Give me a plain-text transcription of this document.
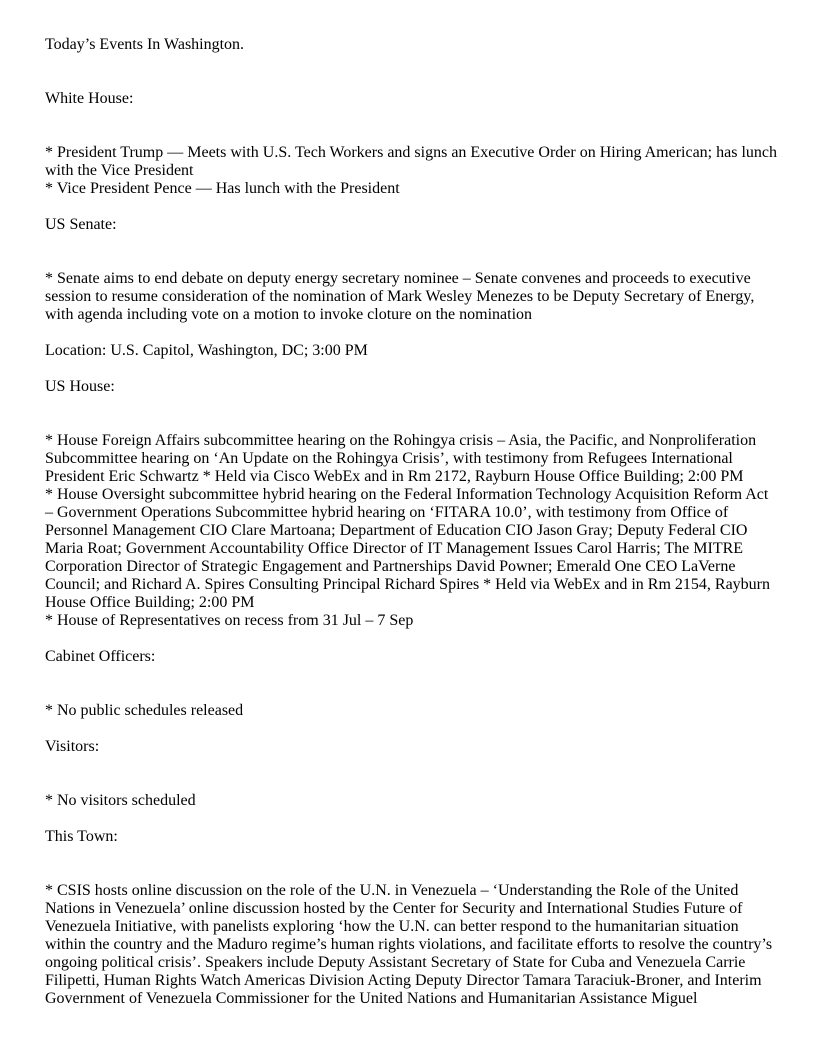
Today’s Events In Washington.

White House:

* President Trump — Meets with U.S. Tech Workers and signs an Executive Order on Hiring American; has lunch with the Vice President

* Vice President Pence — Has lunch with the President

US Senate:

* Senate aims to end debate on deputy energy secretary nominee – Senate convenes and proceeds to executive session to resume consideration of the nomination of Mark Wesley Menezes to be Deputy Secretary of Energy, with agenda including vote on a motion to invoke cloture on the nomination

Location: U.S. Capitol, Washington, DC; 3:00 PM

US House:

* House Foreign Affairs subcommittee hearing on the Rohingya crisis – Asia, the Pacific, and Nonproliferation Subcommittee hearing on ‘An Update on the Rohingya Crisis’, with testimony from Refugees International President Eric Schwartz * Held via Cisco WebEx and in Rm 2172, Rayburn House Office Building; 2:00 PM

* House Oversight subcommittee hybrid hearing on the Federal Information Technology Acquisition Reform Act – Government Operations Subcommittee hybrid hearing on ‘FITARA 10.0’, with testimony from Office of Personnel Management CIO Clare Martoana; Department of Education CIO Jason Gray; Deputy Federal CIO Maria Roat; Government Accountability Office Director of IT Management Issues Carol Harris; The MITRE Corporation Director of Strategic Engagement and Partnerships David Powner; Emerald One CEO LaVerne Council; and Richard A. Spires Consulting Principal Richard Spires * Held via WebEx and in Rm 2154, Rayburn House Office Building; 2:00 PM

* House of Representatives on recess from 31 Jul – 7 Sep

Cabinet Officers:

* No public schedules released

Visitors:

* No visitors scheduled

This Town:

* CSIS hosts online discussion on the role of the U.N. in Venezuela – ‘Understanding the Role of the United Nations in Venezuela’ online discussion hosted by the Center for Security and International Studies Future of Venezuela Initiative, with panelists exploring ‘how the U.N. can better respond to the humanitarian situation within the country and the Maduro regime’s human rights violations, and facilitate efforts to resolve the country’s ongoing political crisis’. Speakers include Deputy Assistant Secretary of State for Cuba and Venezuela Carrie Filipetti, Human Rights Watch Americas Division Acting Deputy Director Tamara Taraciuk-Broner, and Interim Government of Venezuela Commissioner for the United Nations and Humanitarian Assistance Miguel
